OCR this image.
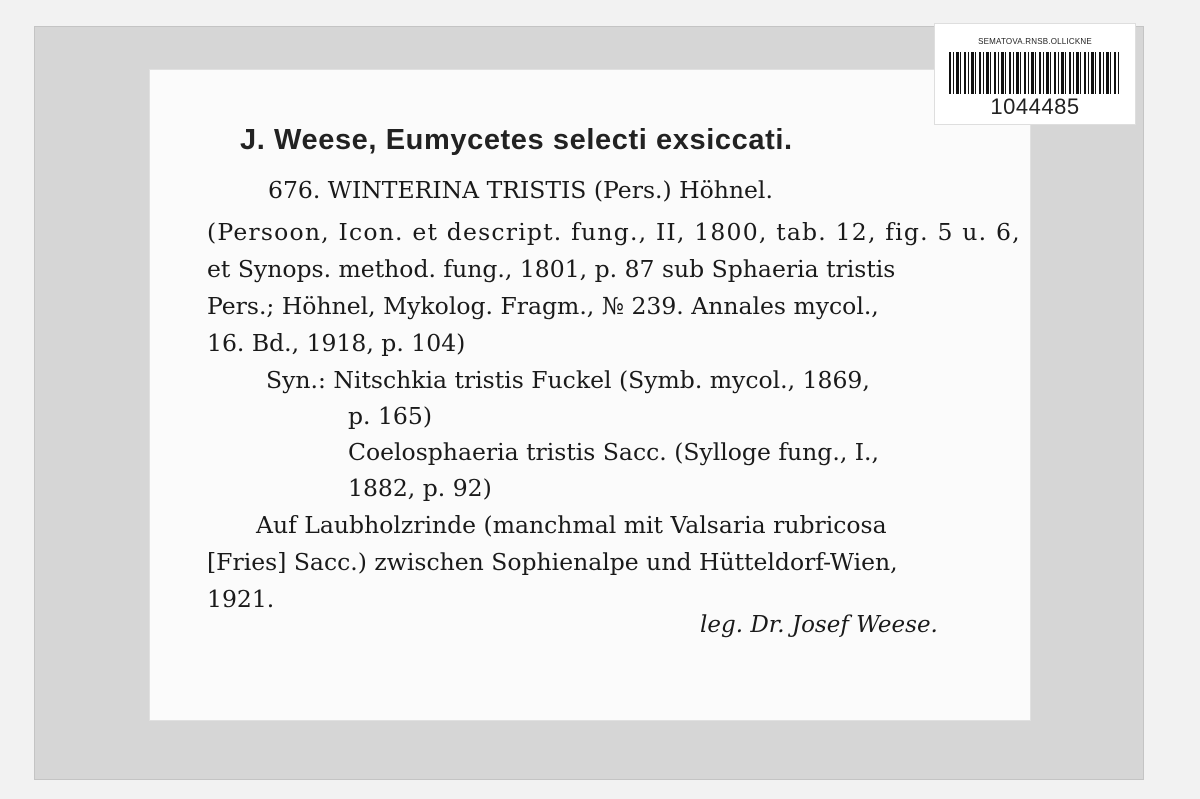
SEMATOVA.RNSB.OLLICKNE
1044485
J. Weese, Eumycetes selecti exsiccati.
676. WINTERINA TRISTIS (Pers.) Höhnel.
(Persoon, Icon. et descript. fung., II, 1800, tab. 12, fig. 5 u. 6,
et Synops. method. fung., 1801, p. 87 sub Sphaeria tristis
Pers.; Höhnel, Mykolog. Fragm., № 239. Annales mycol.,
16. Bd., 1918, p. 104)
Syn.: Nitschkia tristis Fuckel (Symb. mycol., 1869,
p. 165)
Coelosphaeria tristis Sacc. (Sylloge fung., I.,
1882, p. 92)
Auf Laubholzrinde (manchmal mit Valsaria rubricosa
[Fries] Sacc.) zwischen Sophienalpe und Hütteldorf-Wien,
1921.
leg. Dr. Josef Weese.
